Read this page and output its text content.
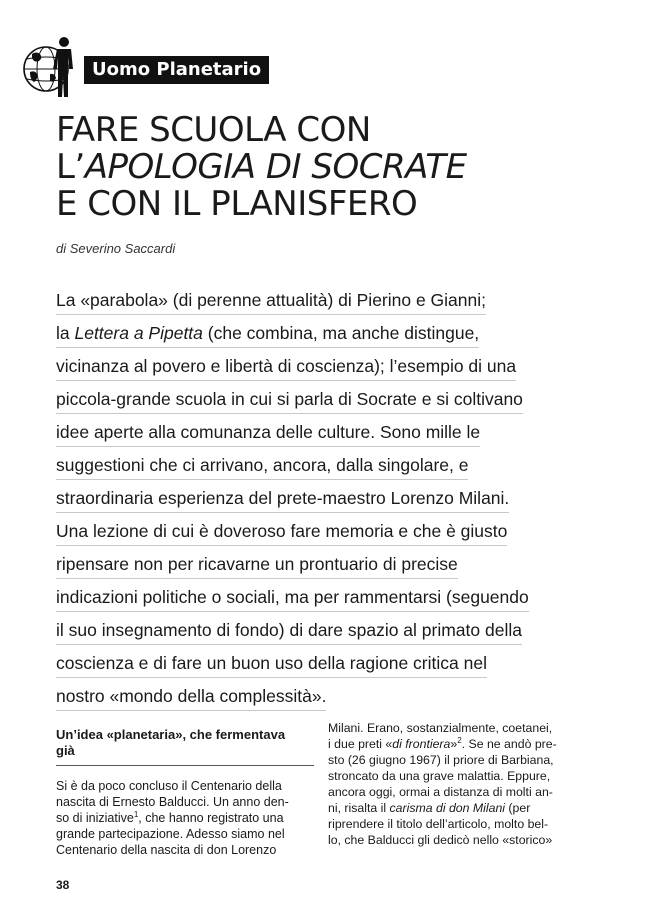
Uomo Planetario
FARE SCUOLA CON
L’APOLOGIA DI SOCRATE
E CON IL PLANISFERO
di Severino Saccardi
La «parabola» (di perenne attualità) di Pierino e Gianni;
la Lettera a Pipetta (che combina, ma anche distingue,
vicinanza al povero e libertà di coscienza); l’esempio di una
piccola-grande scuola in cui si parla di Socrate e si coltivano
idee aperte alla comunanza delle culture. Sono mille le
suggestioni che ci arrivano, ancora, dalla singolare, e
straordinaria esperienza del prete-maestro Lorenzo Milani.
Una lezione di cui è doveroso fare memoria e che è giusto
ripensare non per ricavarne un prontuario di precise
indicazioni politiche o sociali, ma per rammentarsi (seguendo
il suo insegnamento di fondo) di dare spazio al primato della
coscienza e di fare un buon uso della ragione critica nel
nostro «mondo della complessità».
Un’idea «planetaria», che fermentava
già
Si è da poco concluso il Centenario della
nascita di Ernesto Balducci. Un anno den-
so di iniziative$^1$, che hanno registrato una
grande partecipazione. Adesso siamo nel
Centenario della nascita di don Lorenzo
Milani. Erano, sostanzialmente, coetanei,
i due preti «di frontiera»$^2$. Se ne andò pre-
sto (26 giugno 1967) il priore di Barbiana,
stroncato da una grave malattia. Eppure,
ancora oggi, ormai a distanza di molti an-
ni, risalta il carisma di don Milani (per
riprendere il titolo dell’articolo, molto bel-
lo, che Balducci gli dedicò nello «storico»
38
